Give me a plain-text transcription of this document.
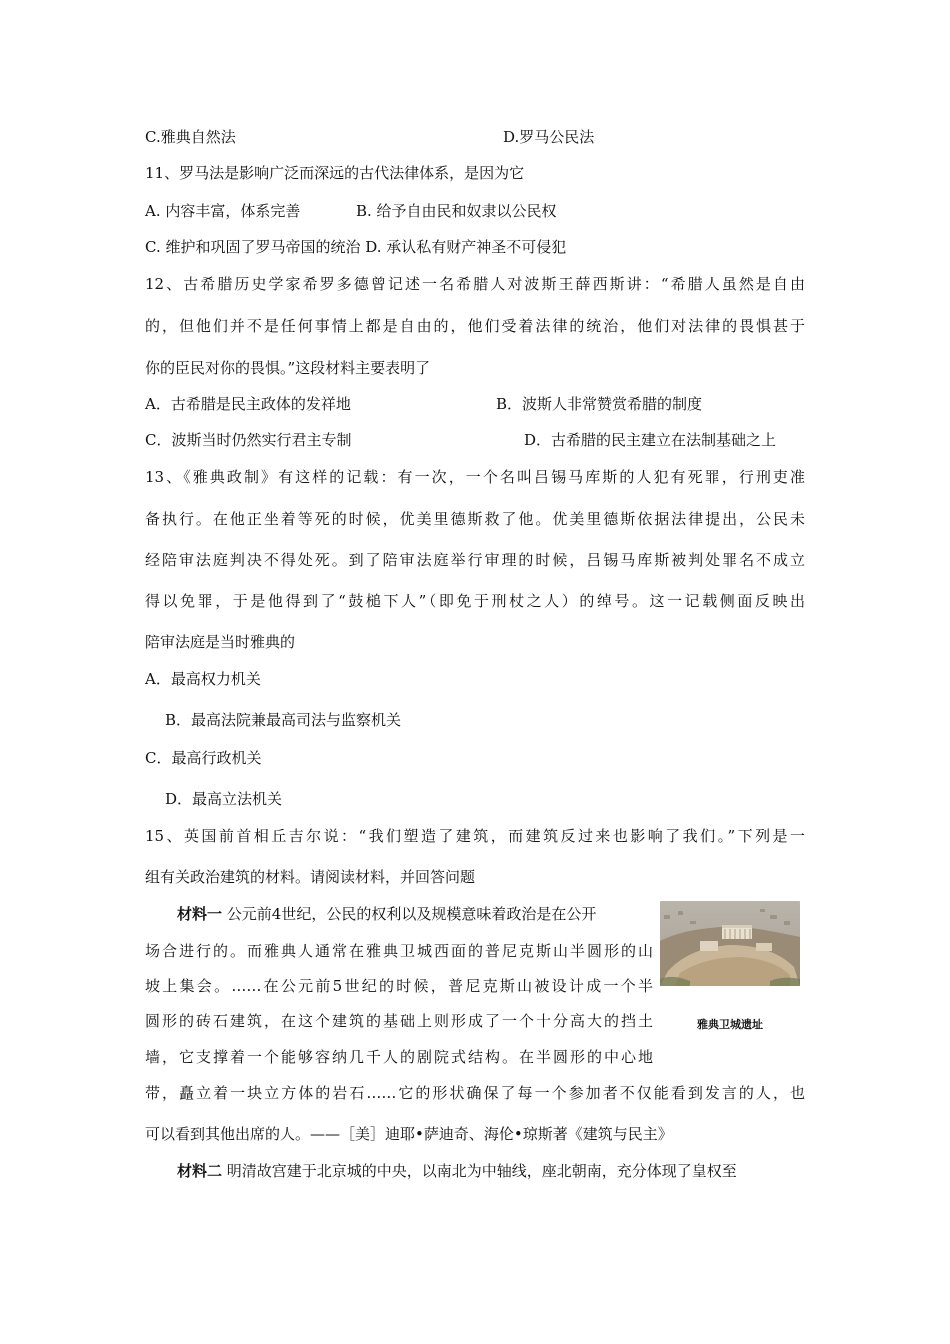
C.雅典自然法	D.罗马公民法
11、罗马法是影响广泛而深远的古代法律体系，是因为它
A. 内容丰富，体系完善	B. 给予自由民和奴隶以公民权
C. 维护和巩固了罗马帝国的统治 D. 承认私有财产神圣不可侵犯
12、古希腊历史学家希罗多德曾记述一名希腊人对波斯王薛西斯讲：“希腊人虽然是自由
的，但他们并不是任何事情上都是自由的，他们受着法律的统治，他们对法律的畏惧甚于
你的臣民对你的畏惧。”这段材料主要表明了
A．古希腊是民主政体的发祥地	B．波斯人非常赞赏希腊的制度
C．波斯当时仍然实行君主专制	D．古希腊的民主建立在法制基础之上
13、《雅典政制》有这样的记载：有一次，一个名叫吕锡马库斯的人犯有死罪，行刑吏准
备执行。在他正坐着等死的时候，优美里德斯救了他。优美里德斯依据法律提出，公民未
经陪审法庭判决不得处死。到了陪审法庭举行审理的时候，吕锡马库斯被判处罪名不成立
得以免罪，于是他得到了“鼓槌下人”（即免于刑杖之人）的绰号。这一记载侧面反映出
陪审法庭是当时雅典的
A．最高权力机关
B．最高法院兼最高司法与监察机关
C．最高行政机关
D．最高立法机关
15、英国前首相丘吉尔说：“我们塑造了建筑，而建筑反过来也影响了我们。”下列是一
组有关政治建筑的材料。请阅读材料，并回答问题
材料一 公元前4世纪，公民的权利以及规模意味着政治是在公开
场合进行的。而雅典人通常在雅典卫城西面的普尼克斯山半圆形的山
坡上集会。……在公元前5世纪的时候，普尼克斯山被设计成一个半
圆形的砖石建筑，在这个建筑的基础上则形成了一个十分高大的挡土
墙，它支撑着一个能够容纳几千人的剧院式结构。在半圆形的中心地
带，矗立着一块立方体的岩石……它的形状确保了每一个参加者不仅能看到发言的人，也
可以看到其他出席的人。——［美］迪耶•萨迪奇、海伦•琼斯著《建筑与民主》
雅典卫城遗址
材料二 明清故宫建于北京城的中央，以南北为中轴线，座北朝南，充分体现了皇权至
